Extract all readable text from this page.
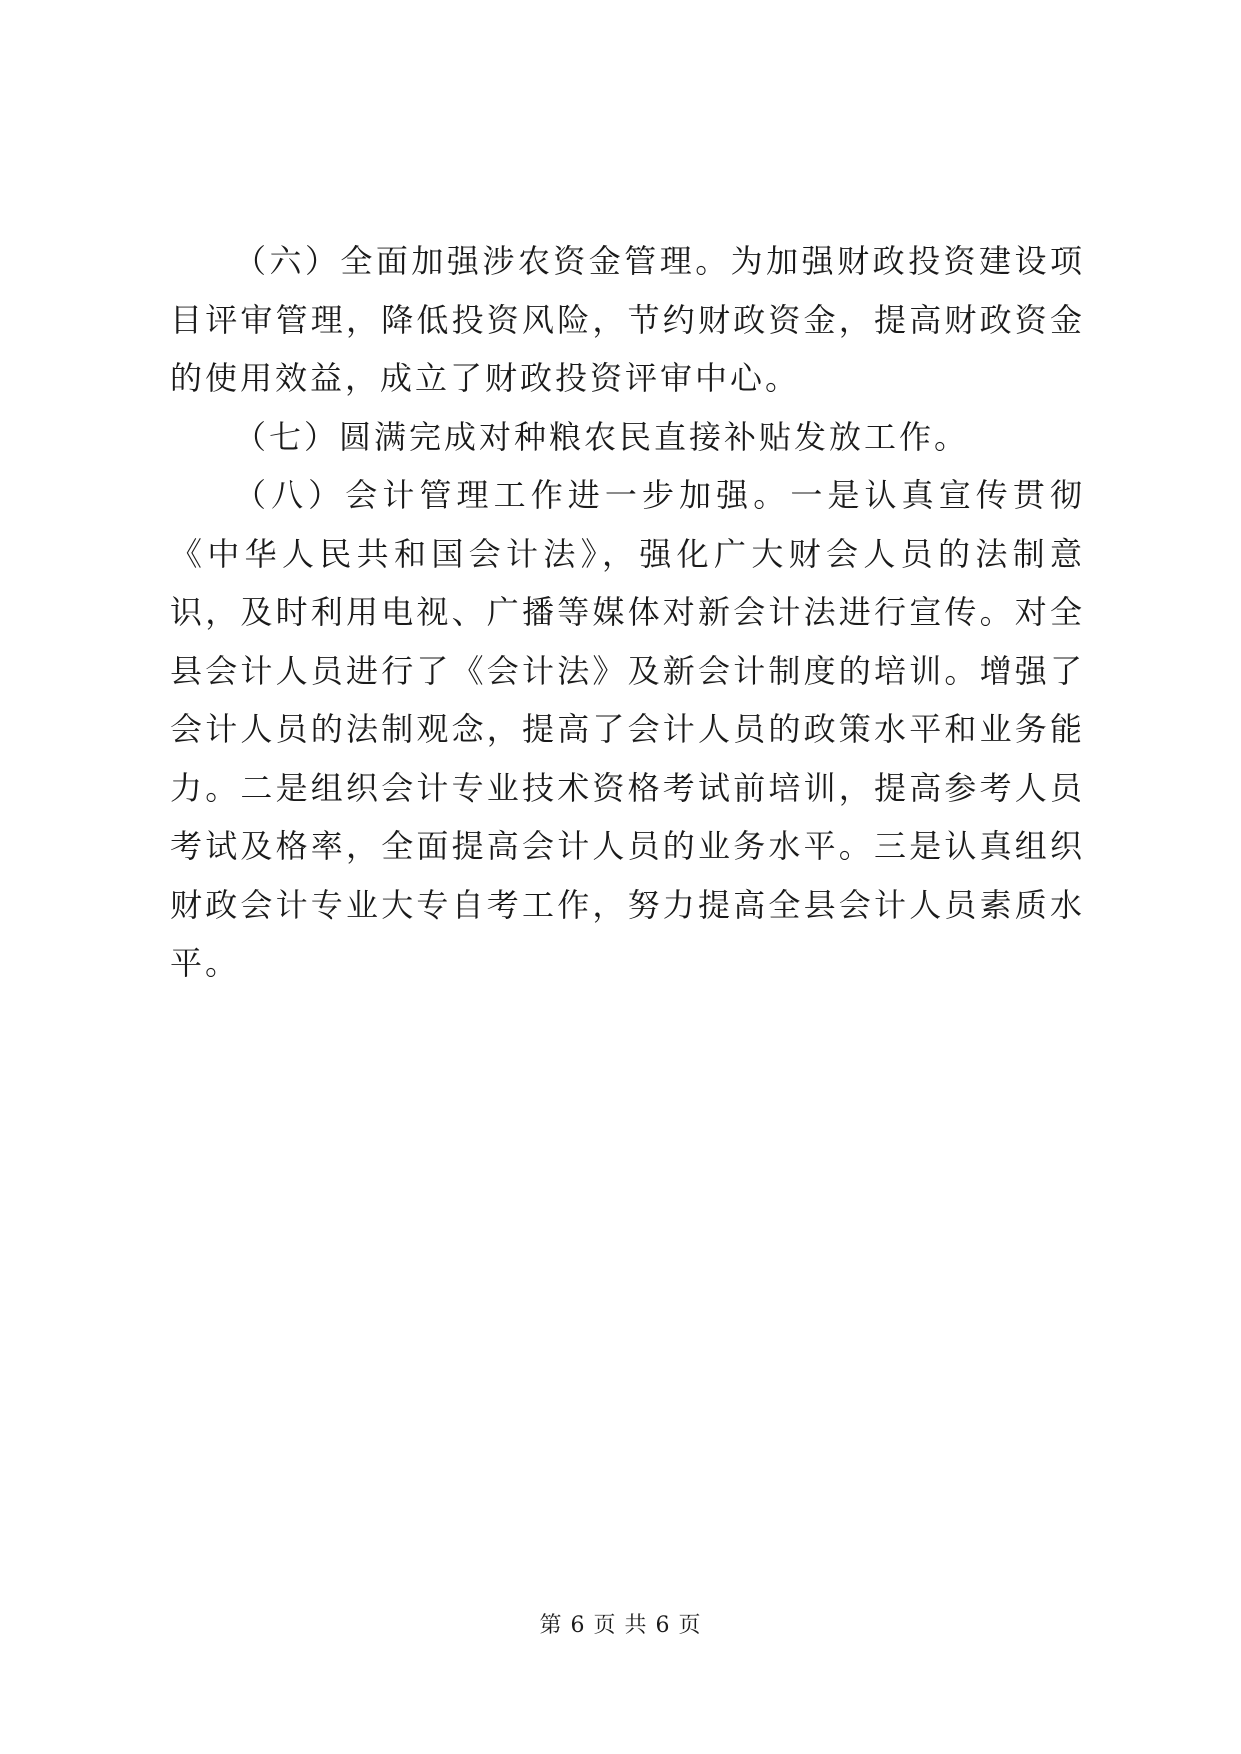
（六）全面加强涉农资金管理。为加强财政投资建设项目评审管理，降低投资风险，节约财政资金，提高财政资金的使用效益，成立了财政投资评审中心。

（七）圆满完成对种粮农民直接补贴发放工作。

（八）会计管理工作进一步加强。一是认真宣传贯彻《中华人民共和国会计法》，强化广大财会人员的法制意识，及时利用电视、广播等媒体对新会计法进行宣传。对全县会计人员进行了《会计法》及新会计制度的培训。增强了会计人员的法制观念，提高了会计人员的政策水平和业务能力。二是组织会计专业技术资格考试前培训，提高参考人员考试及格率，全面提高会计人员的业务水平。三是认真组织财政会计专业大专自考工作，努力提高全县会计人员素质水平。

第 6 页 共 6 页
